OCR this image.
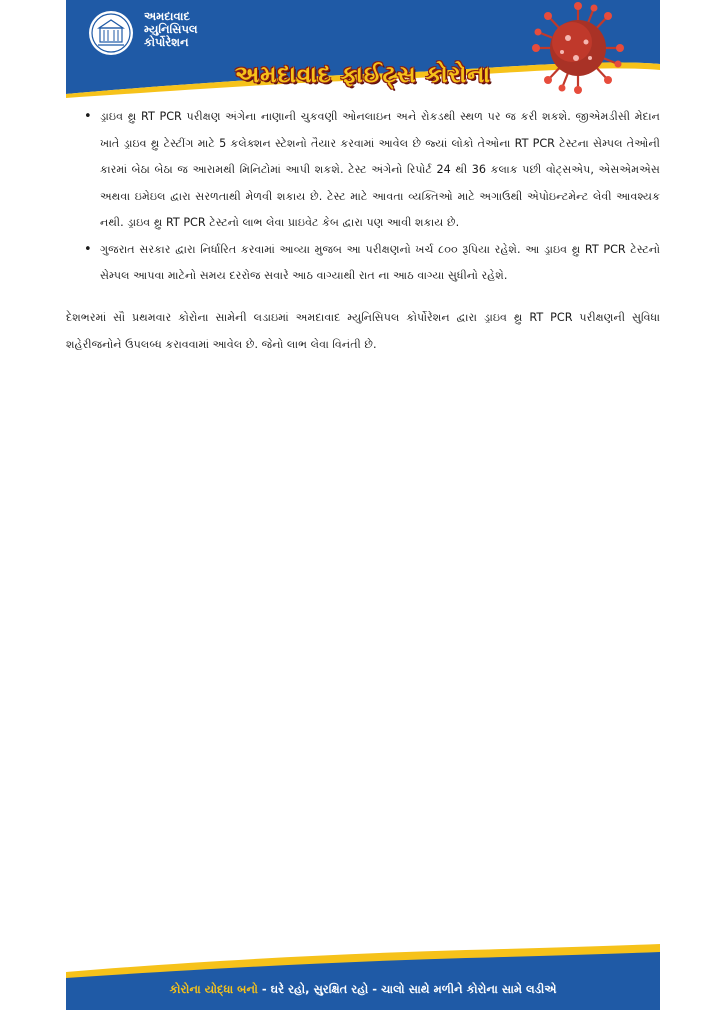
અમદાવાદ
મ્યુનિસિપલ
કોર્પોરેશન
અમદાવાદ ફાઈટ્સ કોરોના
• ડ્રાઇવ થ્રુ RT PCR પરીક્ષણ અંગેના નાણાની ચુકવણી ઓનલાઇન અને રોકડથી સ્થળ પર જ કરી શકશે. જીએમડીસી મેદાન ખાતે ડ્રાઇવ થ્રુ ટેસ્ટીંગ માટે 5 કલેક્શન સ્ટેશનો તૈયાર કરવામાં આવેલ છે જ્યાં લોકો તેઓના RT PCR ટેસ્ટના સેમ્પલ તેઓની કારમાં બેઠા બેઠા જ આરામથી મિનિટોમાં આપી શકશે. ટેસ્ટ અંગેનો રિપોર્ટ 24 થી 36 કલાક પછી વોટ્સએપ, એસએમએસ અથવા ઇમેઇલ દ્વારા સરળતાથી મેળવી શકાય છે. ટેસ્ટ માટે આવતા વ્યક્તિઓ માટે અગાઉથી એપોઇન્ટમેન્ટ લેવી આવશ્યક નથી. ડ્રાઇવ થ્રુ RT PCR ટેસ્ટનો લાભ લેવા પ્રાઇવેટ કેબ દ્વારા પણ આવી શકાય છે.
• ગુજરાત સરકાર દ્વારા નિર્ધારિત કરવામાં આવ્યા મુજબ આ પરીક્ષણનો ખર્ચ ૮૦૦ રૂપિયા રહેશે. આ ડ્રાઇવ થ્રુ RT PCR ટેસ્ટનો સેમ્પલ આપવા માટેનો સમય દરરોજ સવારે આઠ વાગ્યાથી રાત ના આઠ વાગ્યા સુધીનો રહેશે.

દેશભરમાં સૌ પ્રથમવાર કોરોના સામેની લડાઇમાં અમદાવાદ મ્યુનિસિપલ કોર્પોરેશન દ્વારા ડ્રાઇવ થ્રુ RT PCR પરીક્ષણની સુવિધા શહેરીજનોને ઉપલબ્ધ કરાવવામાં આવેલ છે. જેનો લાભ લેવા વિનંતી છે.

કોરોના યોદ્ધા બનો - ઘરે રહો, સુરક્ષિત રહો - ચાલો સાથે મળીને કોરોના સામે લડીએ
